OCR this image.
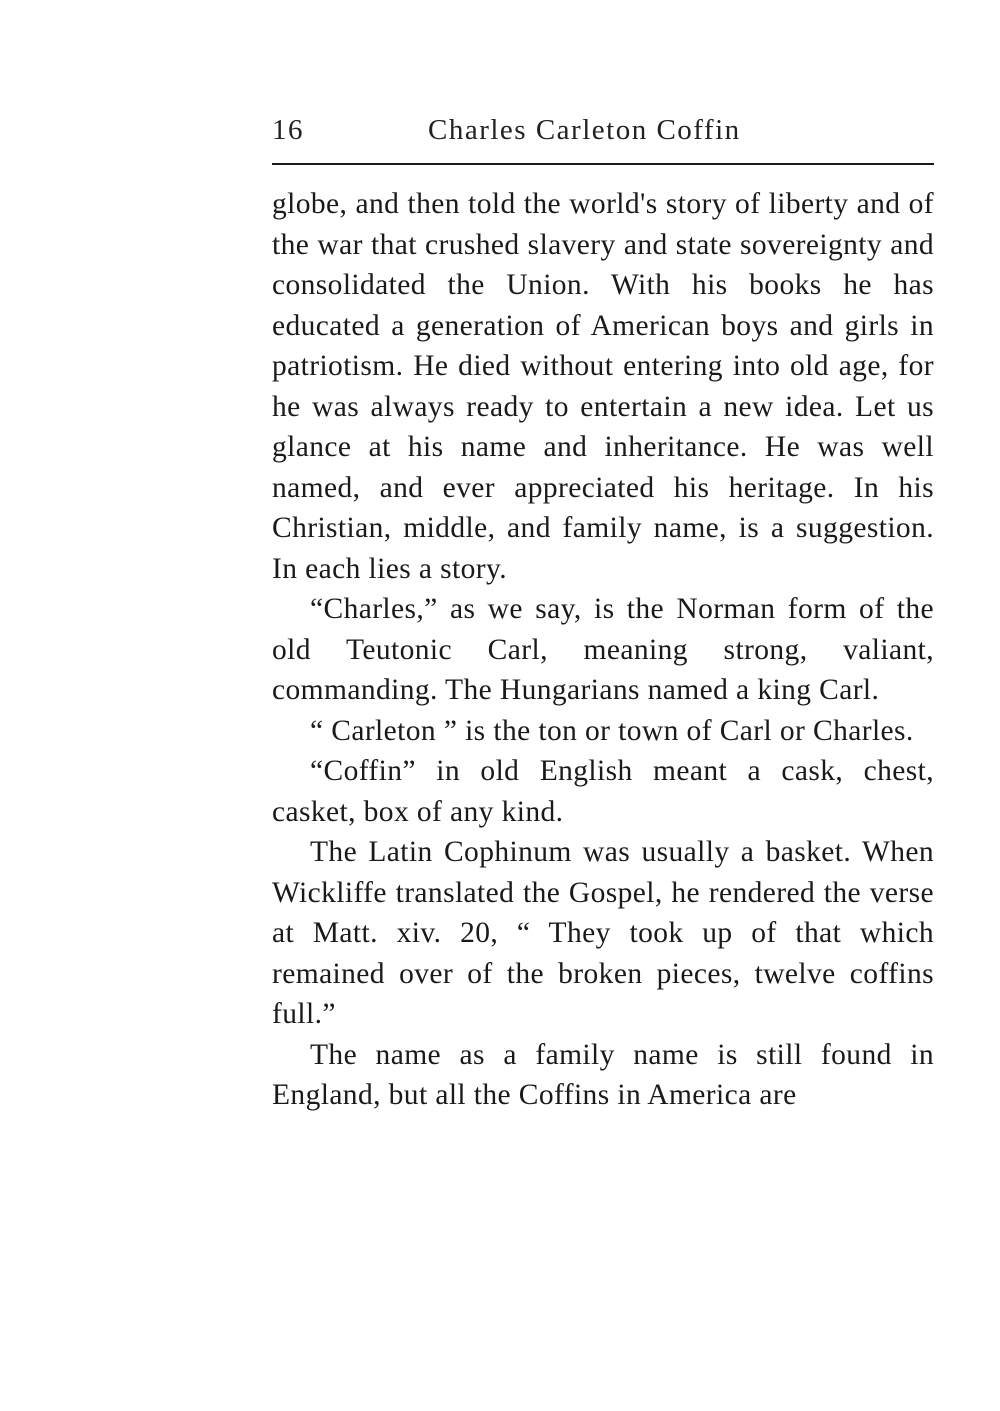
16	Charles Carleton Coffin

globe, and then told the world's story of liberty and of the war that crushed slavery and state sovereignty and consolidated the Union. With his books he has educated a generation of American boys and girls in patriotism. He died without entering into old age, for he was always ready to entertain a new idea. Let us glance at his name and inheritance. He was well named, and ever appreciated his heritage. In his Christian, middle, and family name, is a suggestion. In each lies a story.

“Charles,” as we say, is the Norman form of the old Teutonic Carl, meaning strong, valiant, commanding. The Hungarians named a king Carl.

“ Carleton ” is the ton or town of Carl or Charles.

“Coffin” in old English meant a cask, chest, casket, box of any kind.

The Latin Cophinum was usually a basket. When Wickliffe translated the Gospel, he rendered the verse at Matt. xiv. 20, “ They took up of that which remained over of the broken pieces, twelve coffins full.”

The name as a family name is still found in England, but all the Coffins in America are
